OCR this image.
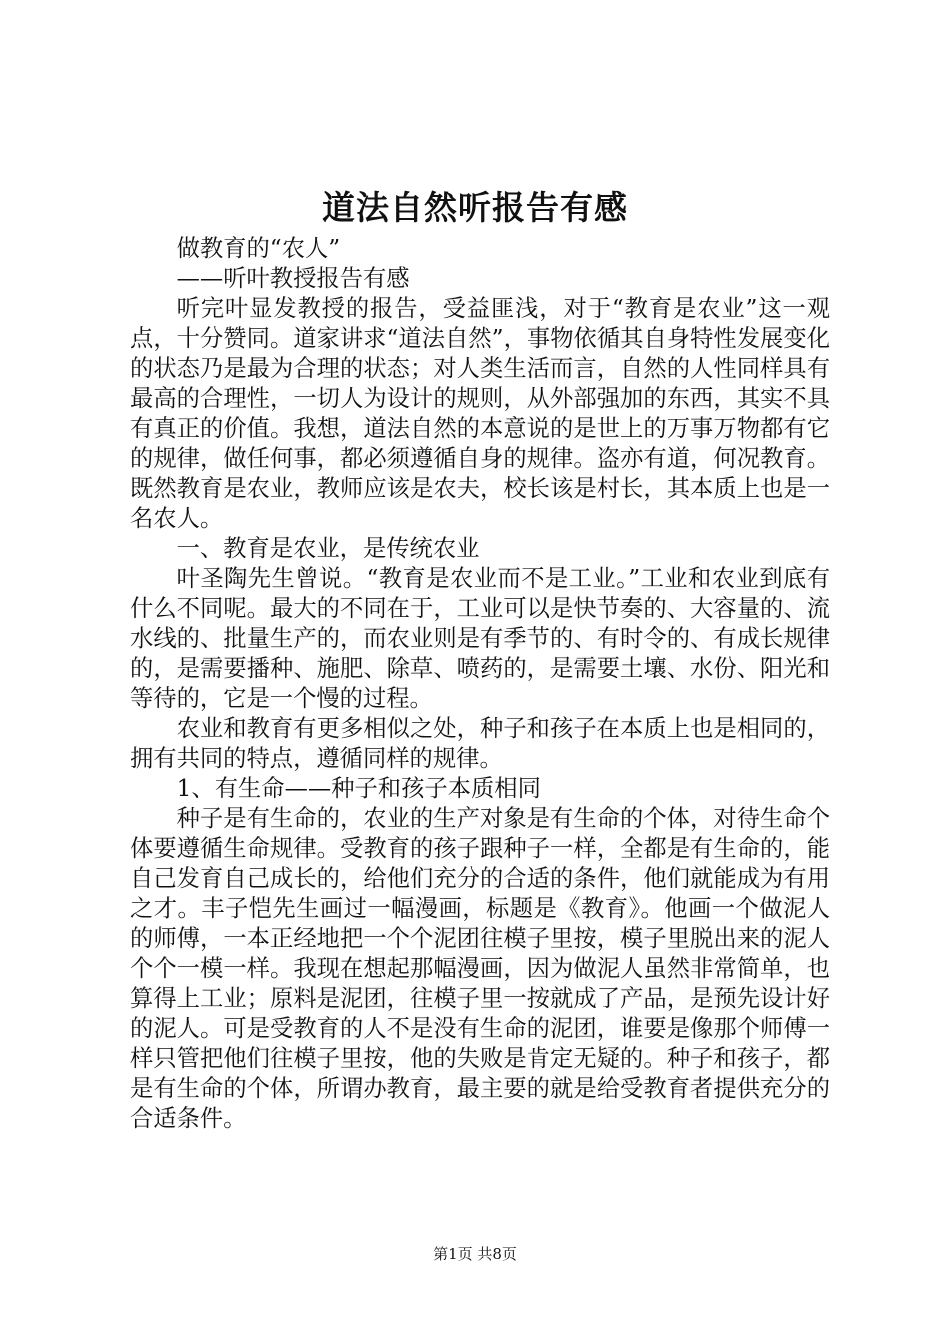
道法自然听报告有感

做教育的“农人”

——听叶教授报告有感

听完叶显发教授的报告，受益匪浅，对于“教育是农业”这一观点，十分赞同。道家讲求“道法自然”，事物依循其自身特性发展变化的状态乃是最为合理的状态；对人类生活而言，自然的人性同样具有最高的合理性，一切人为设计的规则，从外部强加的东西，其实不具有真正的价值。我想，道法自然的本意说的是世上的万事万物都有它的规律，做任何事，都必须遵循自身的规律。盗亦有道，何况教育。既然教育是农业，教师应该是农夫，校长该是村长，其本质上也是一名农人。

一、教育是农业，是传统农业

叶圣陶先生曾说。“教育是农业而不是工业。”工业和农业到底有什么不同呢。最大的不同在于，工业可以是快节奏的、大容量的、流水线的、批量生产的，而农业则是有季节的、有时令的、有成长规律的，是需要播种、施肥、除草、喷药的，是需要土壤、水份、阳光和等待的，它是一个慢的过程。

农业和教育有更多相似之处，种子和孩子在本质上也是相同的，拥有共同的特点，遵循同样的规律。

1、有生命——种子和孩子本质相同

种子是有生命的，农业的生产对象是有生命的个体，对待生命个体要遵循生命规律。受教育的孩子跟种子一样，全都是有生命的，能自己发育自己成长的，给他们充分的合适的条件，他们就能成为有用之才。丰子恺先生画过一幅漫画，标题是《教育》。他画一个做泥人的师傅，一本正经地把一个个泥团往模子里按，模子里脱出来的泥人个个一模一样。我现在想起那幅漫画，因为做泥人虽然非常简单，也算得上工业；原料是泥团，往模子里一按就成了产品，是预先设计好的泥人。可是受教育的人不是没有生命的泥团，谁要是像那个师傅一样只管把他们往模子里按，他的失败是肯定无疑的。种子和孩子，都是有生命的个体，所谓办教育，最主要的就是给受教育者提供充分的合适条件。

第1页 共8页
